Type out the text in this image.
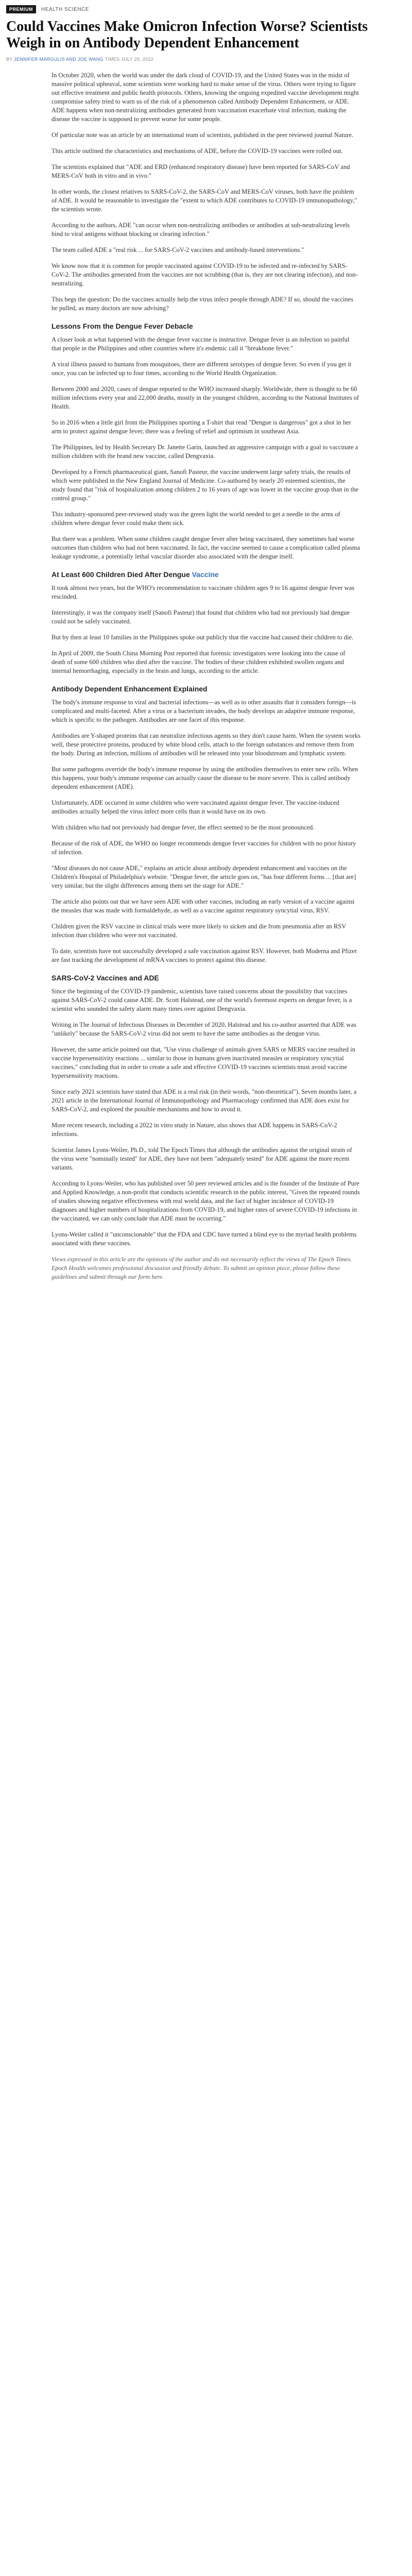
PREMIUM	HEALTH SCIENCE
Could Vaccines Make Omicron Infection Worse? Scientists Weigh in on Antibody Dependent Enhancement
BY JENNIFER MARGULIS AND JOE WANG TIMES JULY 29, 2022

In October 2020, when the world was under the dark cloud of COVID-19, and the United States was in the midst of massive political upheaval, some scientists were working hard to make sense of the virus. Others were trying to figure out effective treatment and public health protocols. Others, knowing the ongoing expedited vaccine development might compromise safety tried to warn us of the risk of a phenomenon called Antibody Dependent Enhancement, or ADE. ADE happens when non-neutralizing antibodies generated from vaccination exacerbate viral infection, making the disease the vaccine is supposed to prevent worse for some people.

Of particular note was an article by an international team of scientists, published in the peer reviewed journal Nature.

This article outlined the characteristics and mechanisms of ADE, before the COVID-19 vaccines were rolled out.

The scientists explained that "ADE and ERD (enhanced respiratory disease) have been reported for SARS-CoV and MERS-CoV both in vitro and in vivo."

In other words, the closest relatives to SARS-CoV-2, the SARS-CoV and MERS-CoV viruses, both have the problem of ADE. It would be reasonable to investigate the "extent to which ADE contributes to COVID-19 immunopathology," the scientists wrote.

According to the authors, ADE "can occur when non-neutralizing antibodies or antibodies at sub-neutralizing levels bind to viral antigens without blocking or clearing infection."

The team called ADE a "real risk ... for SARS-CoV-2 vaccines and antibody-based interventions."

We know now that it is common for people vaccinated against COVID-19 to be infected and re-infected by SARS-CoV-2. The antibodies generated from the vaccines are not scrubbing (that is, they are not clearing infection), and non-neutralizing.

This begs the question: Do the vaccines actually help the virus infect people through ADE? If so, should the vaccines be pulled, as many doctors are now advising?

Lessons From the Dengue Fever Debacle

A closer look at what happened with the dengue fever vaccine is instructive. Dengue fever is an infection so painful that people in the Philippines and other countries where it's endemic call it "breakbone fever."

A viral illness passed to humans from mosquitoes, there are different serotypes of dengue fever. So even if you get it once, you can be infected up to four times, according to the World Health Organization.

Between 2000 and 2020, cases of dengue reported to the WHO increased sharply. Worldwide, there is thought to be 60 million infections every year and 22,000 deaths, mostly in the youngest children, according to the National Institutes of Health.

So in 2016 when a little girl from the Philippines sporting a T-shirt that read "Dengue is dangerous" got a shot in her arm to protect against dengue fever, there was a feeling of relief and optimism in southeast Asia.

The Philippines, led by Health Secretary Dr. Janette Garin, launched an aggressive campaign with a goal to vaccinate a million children with the brand new vaccine, called Dengvaxia.

Developed by a French pharmaceutical giant, Sanofi Pasteur, the vaccine underwent large safety trials, the results of which were published in the New England Journal of Medicine. Co-authored by nearly 20 esteemed scientists, the study found that "risk of hospitalization among children 2 to 16 years of age was lower in the vaccine group than in the control group."

This industry-sponsored peer-reviewed study was the green light the world needed to get a needle in the arms of children where dengue fever could make them sick.

But there was a problem. When some children caught dengue fever after being vaccinated, they sometimes had worse outcomes than children who had not been vaccinated. In fact, the vaccine seemed to cause a complication called plasma leakage syndrome, a potentially lethal vascular disorder also associated with the dengue itself.

At Least 600 Children Died After Dengue Vaccine

It took almost two years, but the WHO's recommendation to vaccinate children ages 9 to 16 against dengue fever was rescinded.

Interestingly, it was the company itself (Sanofi Pasteur) that found that children who had not previously had dengue could not be safely vaccinated.

But by then at least 10 families in the Philippines spoke out publicly that the vaccine had caused their children to die.

In April of 2009, the South China Morning Post reported that forensic investigators were looking into the cause of death of some 600 children who died after the vaccine. The bodies of these children exhibited swollen organs and internal hemorrhaging, especially in the brain and lungs, according to the article.

Antibody Dependent Enhancement Explained

The body's immune response to viral and bacterial infections—as well as to other assaults that it considers foreign—is complicated and multi-faceted. After a virus or a bacterium invades, the body develops an adaptive immune response, which is specific to the pathogen. Antibodies are one facet of this response.

Antibodies are Y-shaped proteins that can neutralize infectious agents so they don't cause harm. When the system works well, these protective proteins, produced by white blood cells, attach to the foreign substances and remove them from the body. During an infection, millions of antibodies will be released into your bloodstream and lymphatic system.

But some pathogens override the body's immune response by using the antibodies themselves to enter new cells. When this happens, your body's immune response can actually cause the disease to be more severe. This is called antibody dependent enhancement (ADE).

Unfortunately, ADE occurred in some children who were vaccinated against dengue fever. The vaccine-induced antibodies actually helped the virus infect more cells than it would have on its own.

With children who had not previously had dengue fever, the effect seemed to be the most pronounced.

Because of the risk of ADE, the WHO no longer recommends dengue fever vaccines for children with no prior history of infection.

"Most diseases do not cause ADE," explains an article about antibody dependent enhancement and vaccines on the Children's Hospital of Philadelphia's website. "Dengue fever, the article goes on, "has four different forms ... [that are] very similar, but the slight differences among them set the stage for ADE."

The article also points out that we have seen ADE with other vaccines, including an early version of a vaccine against the measles that was made with formaldehyde, as well as a vaccine against respiratory syncytial virus, RSV.

Children given the RSV vaccine in clinical trials were more likely to sicken and die from pneumonia after an RSV infection than children who were not vaccinated.

To date, scientists have not successfully developed a safe vaccination against RSV. However, both Moderna and Pfizer are fast tracking the development of mRNA vaccines to protect against this disease.

SARS-CoV-2 Vaccines and ADE

Since the beginning of the COVID-19 pandemic, scientists have raised concerns about the possibility that vaccines against SARS-CoV-2 could cause ADE. Dr. Scott Halstead, one of the world's foremost experts on dengue fever, is a scientist who sounded the safety alarm many times over against Dengvaxia.

Writing in The Journal of Infectious Diseases in December of 2020, Halstead and his co-author asserted that ADE was "unlikely" because the SARS-CoV-2 virus did not seem to have the same antibodies as the dengue virus.

However, the same article pointed out that, "Use virus challenge of animals given SARS or MERS vaccine resulted in vaccine hypersensitivity reactions ... similar to those in humans given inactivated measles or respiratory syncytial vaccines," concluding that in order to create a safe and effective COVID-19 vaccines scientists must avoid vaccine hypersensitivity reactions.

Since early 2021 scientists have stated that ADE is a real risk (in their words, "non-theoretical"). Seven months later, a 2021 article in the International Journal of Immunopathology and Pharmacology confirmed that ADE does exist for SARS-CoV-2, and explored the possible mechanisms and how to avoid it.

More recent research, including a 2022 in vitro study in Nature, also shows that ADE happens in SARS-CoV-2 infections.

Scientist James Lyons-Weiler, Ph.D., told The Epoch Times that although the antibodies against the original strain of the virus were "nominally tested" for ADE, they have not been "adequately tested" for ADE against the more recent variants.

According to Lyons-Weiler, who has published over 50 peer reviewed articles and is the founder of the Institute of Pure and Applied Knowledge, a non-profit that conducts scientific research in the public interest, "Given the repeated rounds of studies showing negative effectiveness with real world data, and the fact of higher incidence of COVID-19 diagnoses and higher numbers of hospitalizations from COVID-19, and higher rates of severe COVID-19 infections in the vaccinated, we can only conclude that ADE must be occurring."

Lyons-Weiler called it "unconscionable" that the FDA and CDC have turned a blind eye to the myriad health problems associated with these vaccines.

Views expressed in this article are the opinions of the author and do not necessarily reflect the views of The Epoch Times. Epoch Health welcomes professional discussion and friendly debate. To submit an opinion piece, please follow these guidelines and submit through our form here.
